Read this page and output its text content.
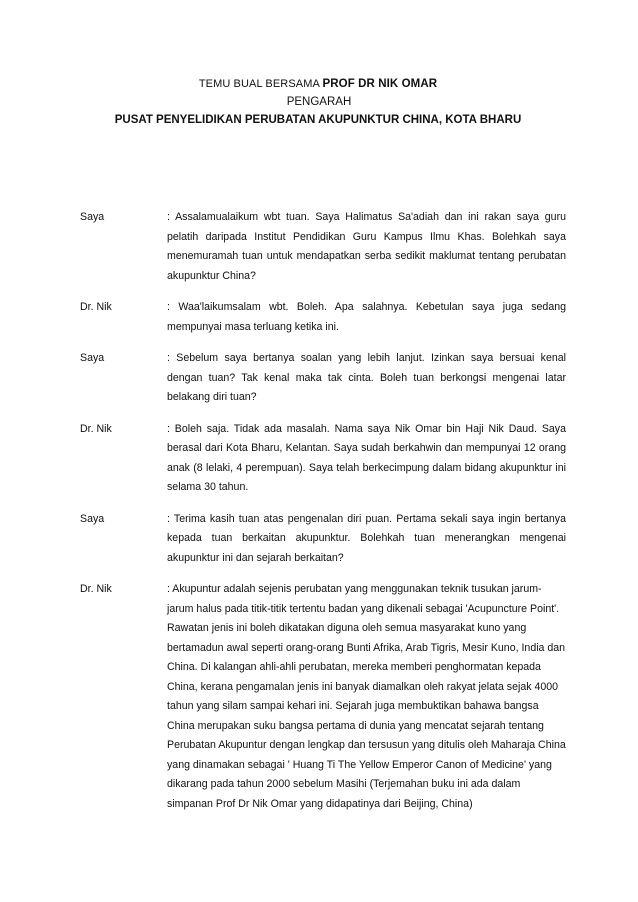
TEMU BUAL BERSAMA PROF DR NIK OMAR
PENGARAH
PUSAT PENYELIDIKAN PERUBATAN AKUPUNKTUR CHINA, KOTA BHARU
Saya	: Assalamualaikum wbt tuan. Saya Halimatus Sa'adiah dan ini rakan saya guru pelatih daripada Institut Pendidikan Guru Kampus Ilmu Khas. Bolehkah saya menemuramah tuan untuk mendapatkan serba sedikit maklumat tentang perubatan akupunktur China?
Dr. Nik	: Waa'laikumsalam wbt. Boleh. Apa salahnya. Kebetulan saya juga sedang mempunyai masa terluang ketika ini.
Saya	: Sebelum saya bertanya soalan yang lebih lanjut. Izinkan saya bersuai kenal dengan tuan? Tak kenal maka tak cinta. Boleh tuan berkongsi mengenai latar belakang diri tuan?
Dr. Nik	: Boleh saja. Tidak ada masalah. Nama saya Nik Omar bin Haji Nik Daud. Saya berasal dari Kota Bharu, Kelantan. Saya sudah berkahwin dan mempunyai 12 orang anak (8 lelaki, 4 perempuan). Saya telah berkecimpung dalam bidang akupunktur ini selama 30 tahun.
Saya	: Terima kasih tuan atas pengenalan diri puan. Pertama sekali saya ingin bertanya kepada tuan berkaitan akupunktur. Bolehkah tuan menerangkan mengenai akupunktur ini dan sejarah berkaitan?
Dr. Nik	: Akupuntur adalah sejenis perubatan yang menggunakan teknik tusukan jarum-jarum halus pada titik-titik tertentu badan yang dikenali sebagai 'Acupuncture Point'. Rawatan jenis ini boleh dikatakan diguna oleh semua masyarakat kuno yang bertamadun awal seperti orang-orang Bunti Afrika, Arab Tigris, Mesir Kuno, India dan China. Di kalangan ahli-ahli perubatan, mereka memberi penghormatan kepada China, kerana pengamalan jenis ini banyak diamalkan oleh rakyat jelata sejak 4000 tahun yang silam sampai kehari ini. Sejarah juga membuktikan bahawa bangsa China merupakan suku bangsa pertama di dunia yang mencatat sejarah tentang Perubatan Akupuntur dengan lengkap dan tersusun yang ditulis oleh Maharaja China yang dinamakan sebagai ' Huang Ti The Yellow Emperor Canon of Medicine' yang dikarang pada tahun 2000 sebelum Masihi (Terjemahan buku ini ada dalam simpanan Prof Dr Nik Omar yang didapatinya dari Beijing, China)
